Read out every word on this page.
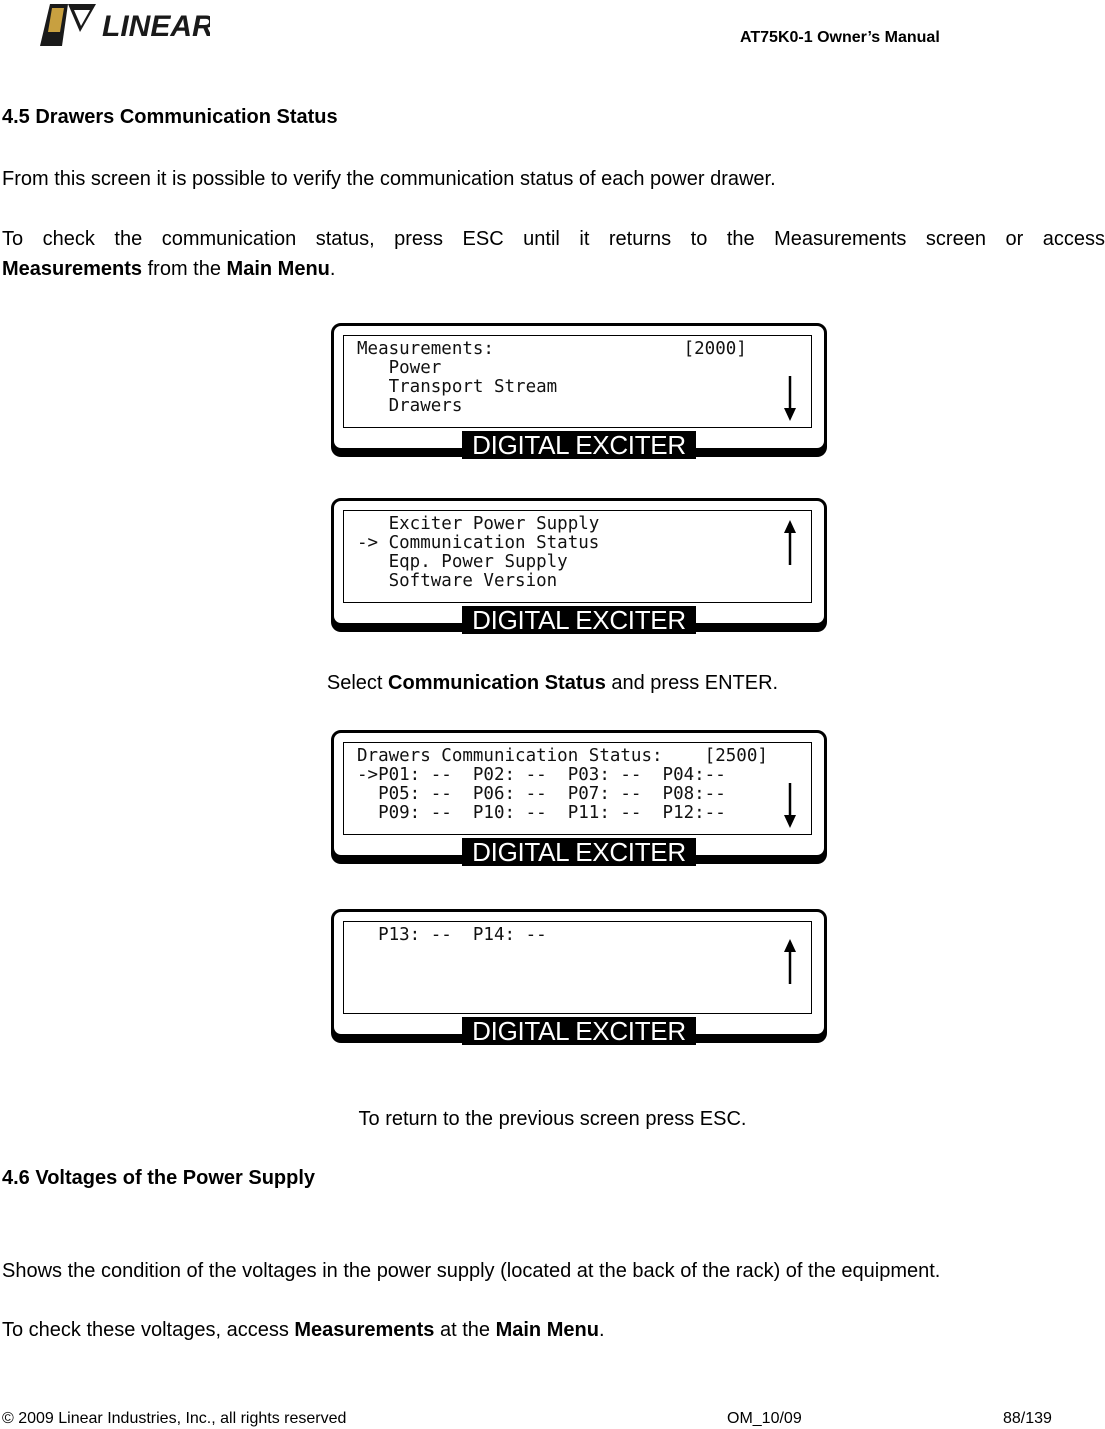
LINEAR	AT75K0-1 Owner’s Manual
4.5 Drawers Communication Status
From this screen it is possible to verify the communication status of each power drawer.
To check the communication status, press ESC until it returns to the Measurements screen or access
Measurements from the Main Menu.
Measurements:                  [2000]
Power
Transport Stream
Drawers
DIGITAL EXCITER
Exciter Power Supply
-> Communication Status
Eqp. Power Supply
Software Version
DIGITAL EXCITER
Select Communication Status and press ENTER.
Drawers Communication Status:    [2500]
->P01: --  P02: --  P03: --  P04:--
P05: --  P06: --  P07: --  P08:--
P09: --  P10: --  P11: --  P12:--
DIGITAL EXCITER
P13: --  P14: --
DIGITAL EXCITER
To return to the previous screen press ESC.
4.6 Voltages of the Power Supply
Shows the condition of the voltages in the power supply (located at the back of the rack) of the equipment.
To check these voltages, access Measurements at the Main Menu.
© 2009 Linear Industries, Inc., all rights reserved	OM_10/09	88/139
